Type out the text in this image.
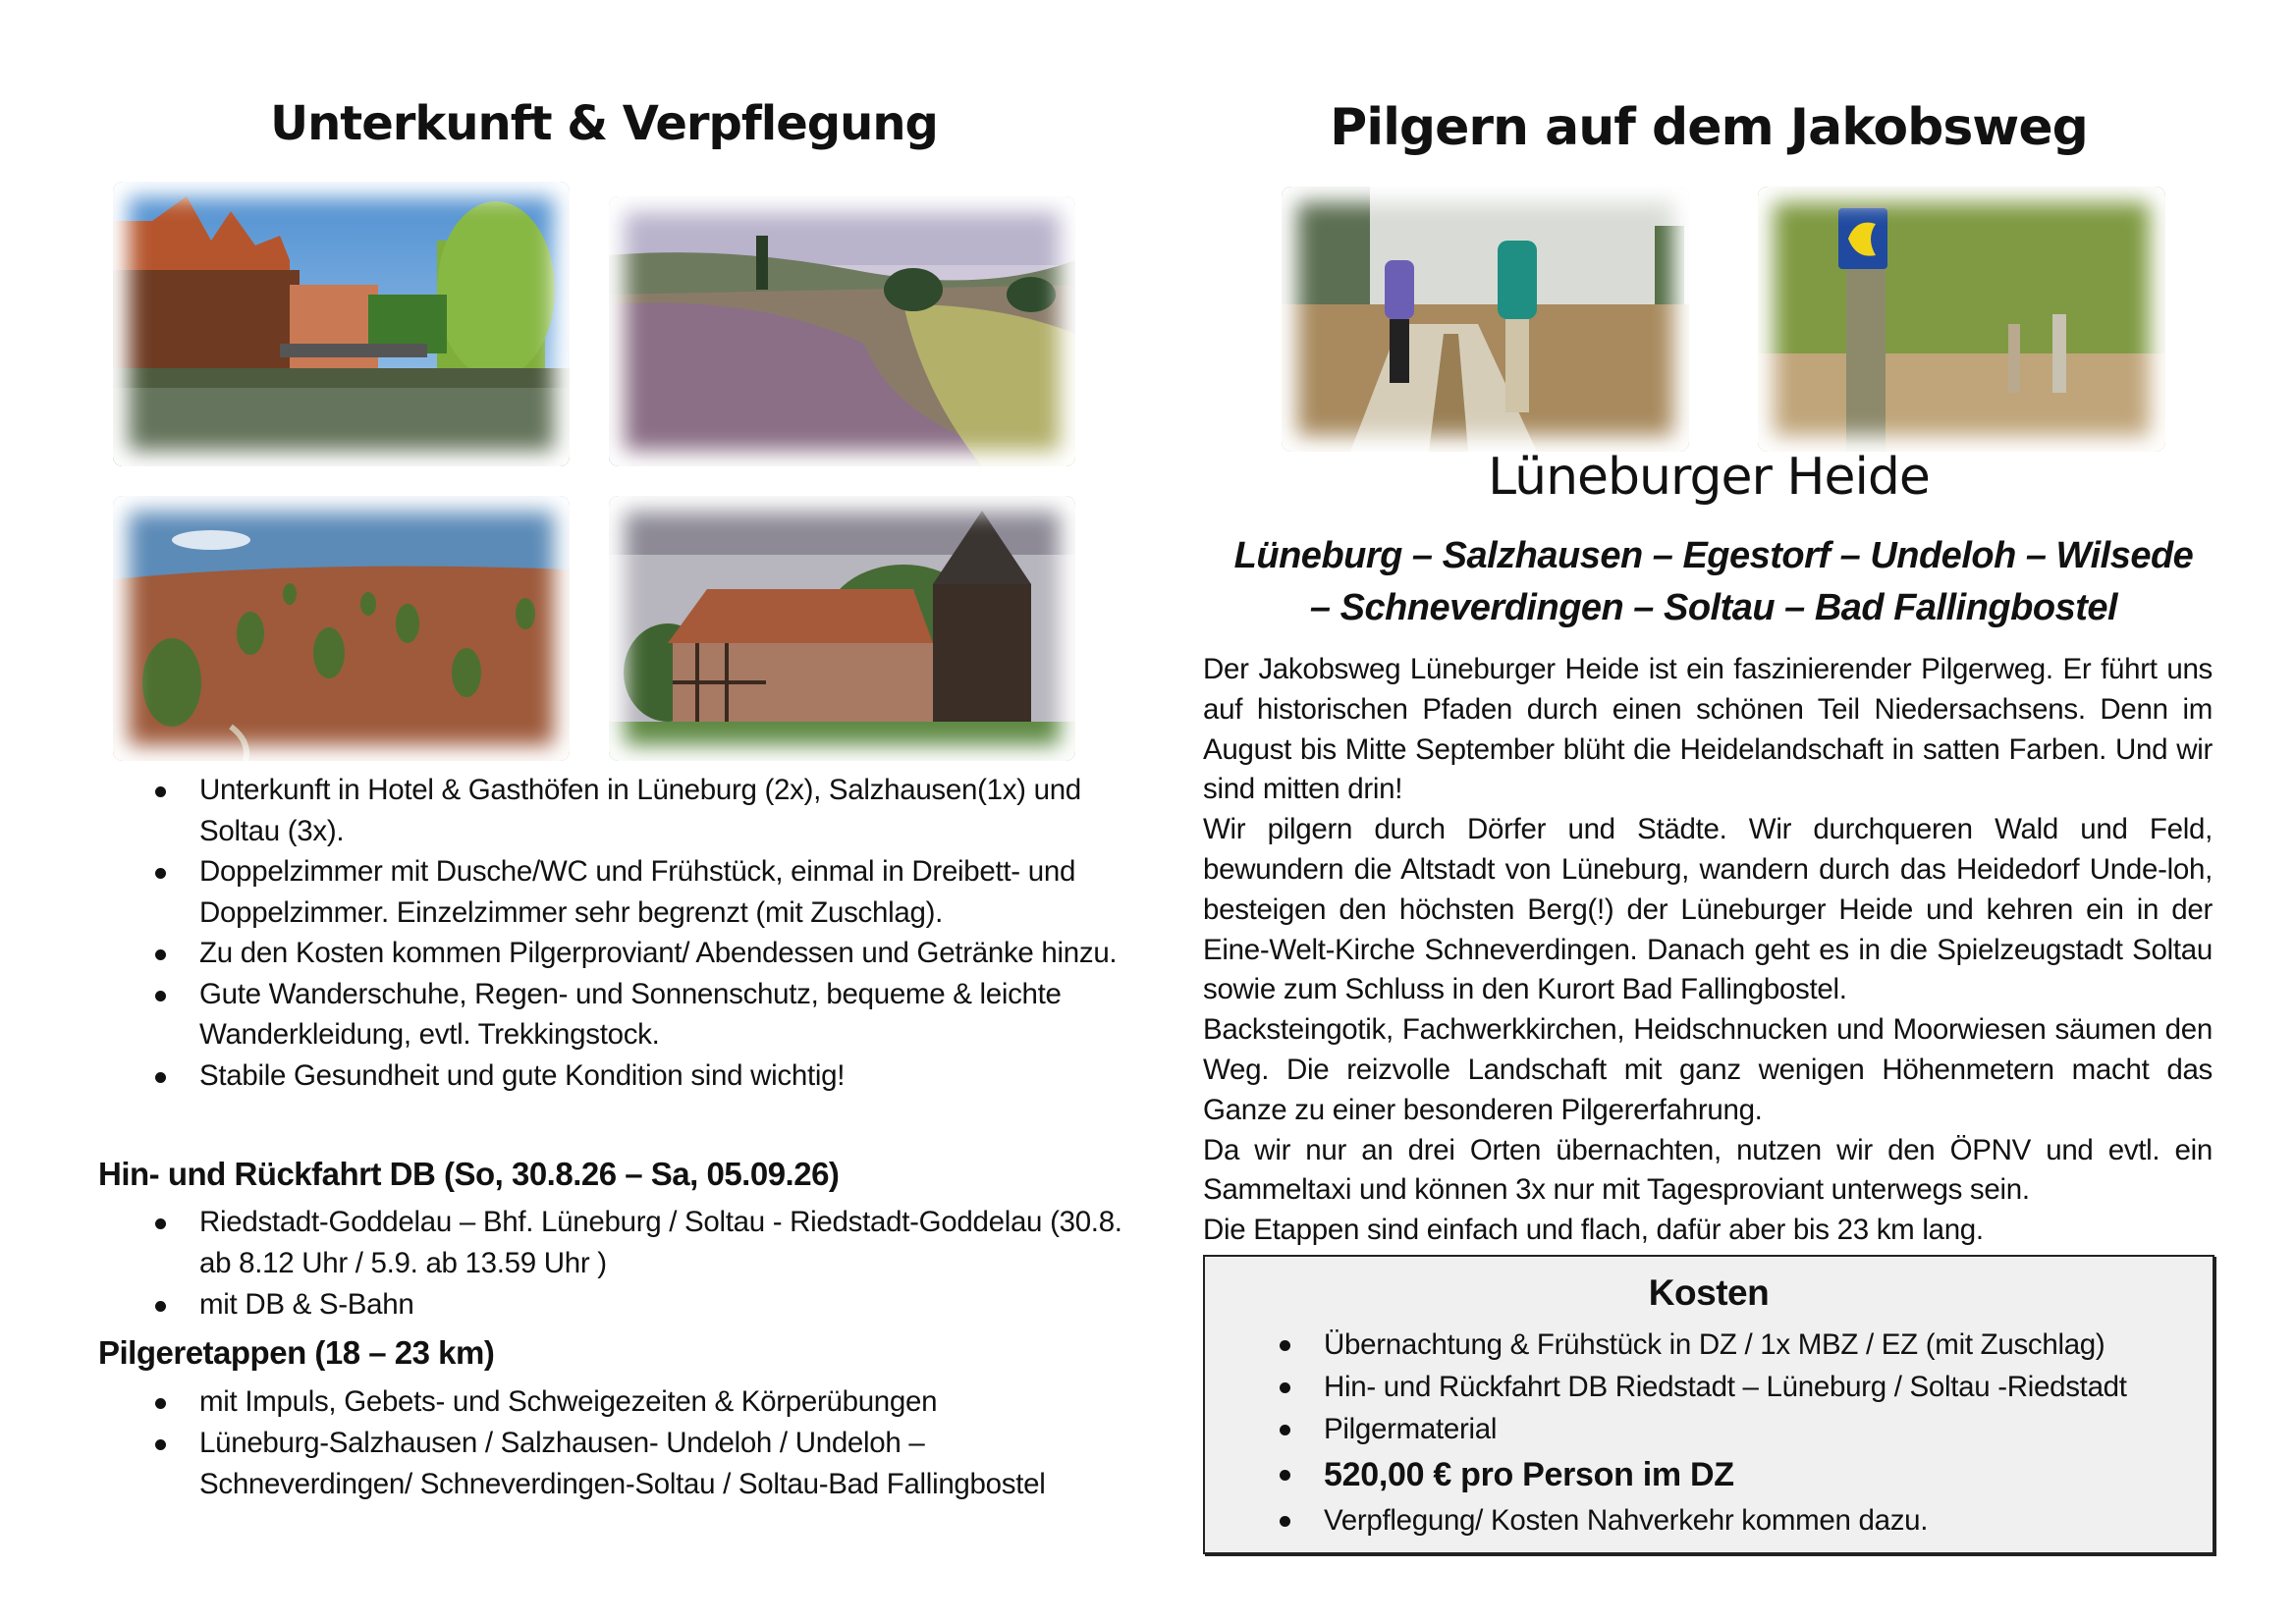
Unterkunft & Verpflegung
Unterkunft in Hotel & Gasthöfen in Lüneburg (2x), Salzhausen(1x) und Soltau (3x).
Doppelzimmer mit Dusche/WC und Frühstück, einmal in Dreibett- und Doppelzimmer. Einzelzimmer sehr begrenzt (mit Zuschlag).
Zu den Kosten kommen Pilgerproviant/ Abendessen und Getränke hinzu.
Gute Wanderschuhe, Regen- und Sonnenschutz, bequeme & leichte Wanderkleidung, evtl. Trekkingstock.
Stabile Gesundheit und gute Kondition sind wichtig!
Hin- und Rückfahrt DB (So, 30.8.26 – Sa, 05.09.26)
Riedstadt-Goddelau – Bhf. Lüneburg / Soltau - Riedstadt-Goddelau (30.8. ab 8.12 Uhr / 5.9. ab 13.59 Uhr )
mit DB & S-Bahn
Pilgeretappen (18 – 23 km)
mit Impuls, Gebets- und Schweigezeiten & Körperübungen
Lüneburg-Salzhausen / Salzhausen- Undeloh / Undeloh – Schneverdingen/ Schneverdingen-Soltau / Soltau-Bad Fallingbostel
Pilgern auf dem Jakobsweg
Lüneburger Heide
Lüneburg – Salzhausen – Egestorf – Undeloh – Wilsede
– Schneverdingen – Soltau – Bad Fallingbostel

Der Jakobsweg Lüneburger Heide ist ein faszinierender Pilgerweg. Er führt uns auf historischen Pfaden durch einen schönen Teil Niedersachsens. Denn im August bis Mitte September blüht die Heidelandschaft in satten Farben. Und wir sind mitten drin!

Wir pilgern durch Dörfer und Städte. Wir durchqueren Wald und Feld, bewundern die Altstadt von Lüneburg, wandern durch das Heidedorf Unde-loh, besteigen den höchsten Berg(!) der Lüneburger Heide und kehren ein in der Eine-Welt-Kirche Schneverdingen. Danach geht es in die Spielzeugstadt Soltau sowie zum Schluss in den Kurort Bad Fallingbostel.

Backsteingotik, Fachwerkkirchen, Heidschnucken und Moorwiesen säumen den Weg. Die reizvolle Landschaft mit ganz wenigen Höhenmetern macht das Ganze zu einer besonderen Pilgererfahrung.

Da wir nur an drei Orten übernachten, nutzen wir den ÖPNV und evtl. ein Sammeltaxi und können 3x nur mit Tagesproviant unterwegs sein.

Die Etappen sind einfach und flach, dafür aber bis 23 km lang.

Kosten
Übernachtung & Frühstück in DZ / 1x MBZ / EZ (mit Zuschlag)
Hin- und Rückfahrt DB Riedstadt – Lüneburg / Soltau -Riedstadt
Pilgermaterial
520,00 € pro Person im DZ
Verpflegung/ Kosten Nahverkehr kommen dazu.
